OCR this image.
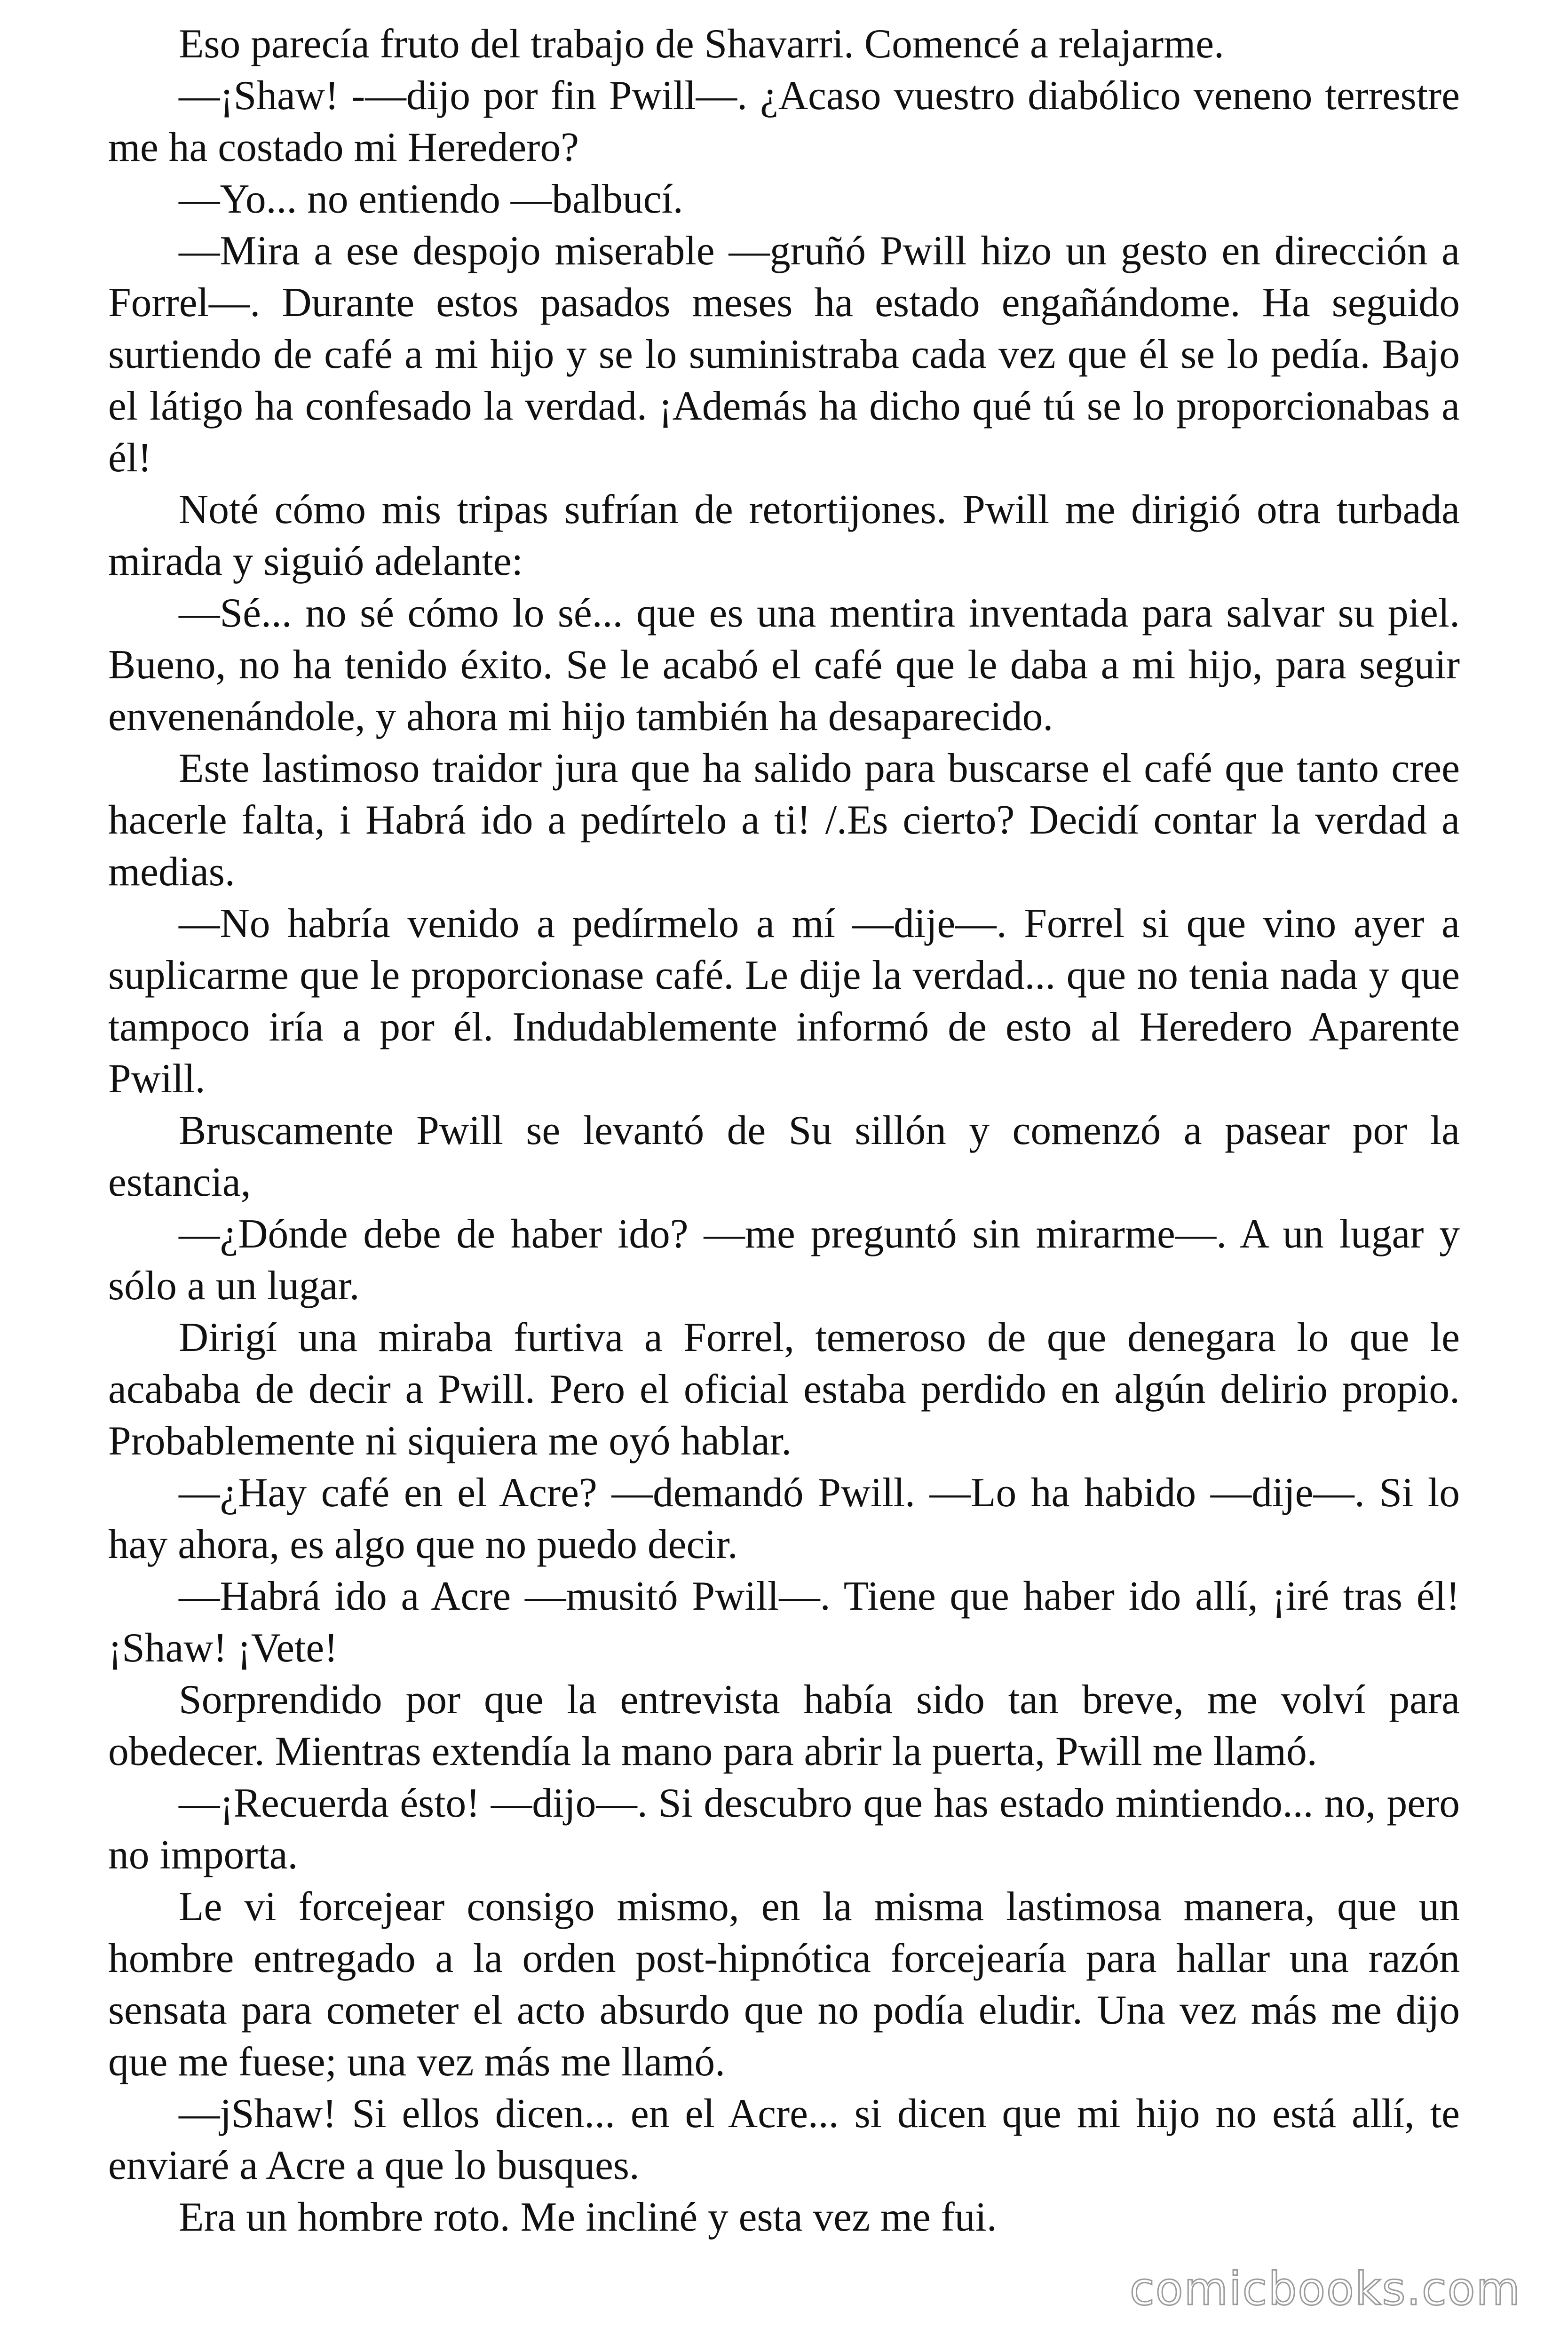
Eso parecía fruto del trabajo de Shavarri. Comencé a relajarme.

—¡Shaw! -—dijo por fin Pwill—. ¿Acaso vuestro diabólico veneno terrestre me ha costado mi Heredero?

—Yo... no entiendo —balbucí.

—Mira a ese despojo miserable —gruñó Pwill hizo un gesto en dirección a Forrel—. Durante estos pasados meses ha estado engañándome. Ha seguido surtiendo de café a mi hijo y se lo suministraba cada vez que él se lo pedía. Bajo el látigo ha confesado la verdad. ¡Además ha dicho qué tú se lo proporcionabas a él!

Noté cómo mis tripas sufrían de retortijones. Pwill me dirigió otra turbada mirada y siguió adelante:

—Sé... no sé cómo lo sé... que es una mentira inventada para salvar su piel. Bueno, no ha tenido éxito. Se le acabó el café que le daba a mi hijo, para seguir envenenándole, y ahora mi hijo también ha desaparecido.

Este lastimoso traidor jura que ha salido para buscarse el café que tanto cree hacerle falta, i Habrá ido a pedírtelo a ti! /.Es cierto? Decidí contar la verdad a medias.

—No habría venido a pedírmelo a mí —dije—. Forrel si que vino ayer a suplicarme que le proporcionase café. Le dije la verdad... que no tenia nada y que tampoco iría a por él. Indudablemente informó de esto al Heredero Aparente Pwill.

Bruscamente Pwill se levantó de Su sillón y comenzó a pasear por la estancia,

—¿Dónde debe de haber ido? —me preguntó sin mirarme—. A un lugar y sólo a un lugar.

Dirigí una miraba furtiva a Forrel, temeroso de que denegara lo que le acababa de decir a Pwill. Pero el oficial estaba perdido en algún delirio propio. Probablemente ni siquiera me oyó hablar.

—¿Hay café en el Acre? —demandó Pwill. —Lo ha habido —dije—. Si lo hay ahora, es algo que no puedo decir.

—Habrá ido a Acre —musitó Pwill—. Tiene que haber ido allí, ¡iré tras él! ¡Shaw! ¡Vete!

Sorprendido por que la entrevista había sido tan breve, me volví para obedecer. Mientras extendía la mano para abrir la puerta, Pwill me llamó.

—¡Recuerda ésto! —dijo—. Si descubro que has estado mintiendo... no, pero no importa.

Le vi forcejear consigo mismo, en la misma lastimosa manera, que un hombre entregado a la orden post-hipnótica forcejearía para hallar una razón sensata para cometer el acto absurdo que no podía eludir. Una vez más me dijo que me fuese; una vez más me llamó.

—jShaw! Si ellos dicen... en el Acre... si dicen que mi hijo no está allí, te enviaré a Acre a que lo busques.

Era un hombre roto. Me incliné y esta vez me fui.

comicbooks.com
